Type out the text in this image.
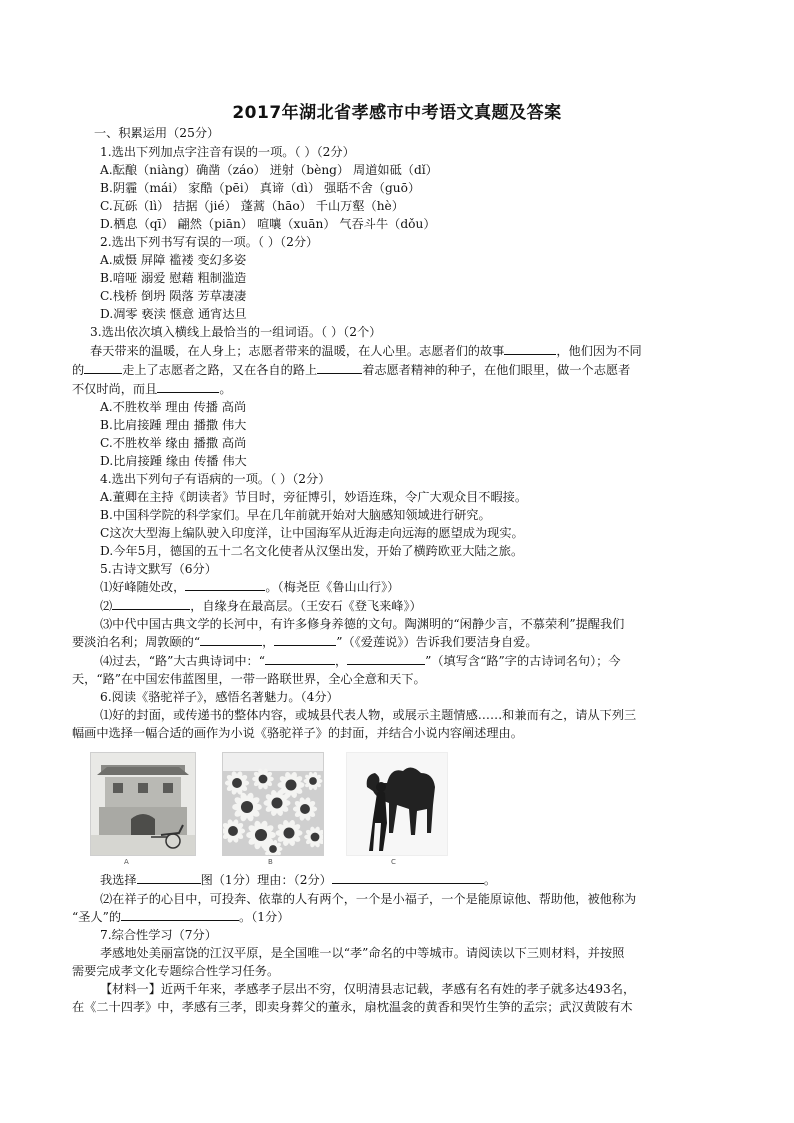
2017年湖北省孝感市中考语文真题及答案
一、积累运用（25分）
1.选出下列加点字注音有误的一项。（ ）（2分）
A.酝酿（niàng）确凿（záo） 迸射（bèng） 周道如砥（dǐ）
B.阴霾（mái） 家酷（pēi） 真谛（dì） 强聒不舍（guō）
C.瓦砾（lì） 拮据（jié） 蓬蒿（hāo） 千山万壑（hè）
D.栖息（qī） 翩然（piān） 喧嚷（xuān） 气吞斗牛（dǒu）
2.选出下列书写有误的一项。（ ）（2分）
A.威慑 屏障 褴褛 变幻多姿
B.喑哑 溺爱 慰藉 粗制滥造
C.栈桥 倒坍 陨落 芳草凄凄
D.凋零 亵渎 惬意 通宵达旦
3.选出依次填入横线上最恰当的一组词语。（ ）（2个）
春天带来的温暖，在人身上；志愿者带来的温暖，在人心里。志愿者们的故事	，他们因为不同
的	走上了志愿者之路，又在各自的路上	着志愿者精神的种子，在他们眼里，做一个志愿者
不仅时尚，而且	。
A.不胜枚举 理由 传播 高尚
B.比肩接踵 理由 播撒 伟大
C.不胜枚举 缘由 播撒 高尚
D.比肩接踵 缘由 传播 伟大
4.选出下列句子有语病的一项。（ ）（2分）
A.董卿在主持《朗读者》节目时，旁征博引，妙语连珠，令广大观众目不暇接。
B.中国科学院的科学家们。早在几年前就开始对大脑感知领域进行研究。
C这次大型海上编队驶入印度洋，让中国海军从近海走向远海的愿望成为现实。
D.今年5月，德国的五十二名文化使者从汉堡出发，开始了横跨欧亚大陆之旅。
5.古诗文默写（6分）
⑴好峰随处改，	。（梅尧臣《鲁山山行》）
⑵	，自缘身在最高层。（王安石《登飞来峰》）
⑶中代中国古典文学的长河中，有许多修身养德的文句。陶渊明的“闲静少言，不慕荣利”提醒我们
要淡泊名利；周敦颐的“	，	”（《爱莲说》）告诉我们要洁身自爱。
⑷过去，“路”大古典诗词中：“	，	”（填写含“路”字的古诗词名句）；今
天，“路”在中国宏伟蓝图里，一带一路联世界，全心全意和天下。
6.阅读《骆驼祥子》，感悟名著魅力。（4分）
⑴好的封面，或传递书的整体内容，或城县代表人物，或展示主题情感……和兼而有之，请从下列三
幅画中选择一幅合适的画作为小说《骆驼祥子》的封面，并结合小说内容阐述理由。
A	B	C
我选择	图（1分）理由：（2分）	。
⑵在祥子的心目中，可投奔、依靠的人有两个，一个是小福子，一个是能原谅他、帮助他，被他称为
“圣人”的	。（1分）
7.综合性学习（7分）
孝感地处美丽富饶的江汉平原，是全国唯一以“孝”命名的中等城市。请阅读以下三则材料，并按照
需要完成孝文化专题综合性学习任务。
【材料一】近两千年来，孝感孝子层出不穷，仅明清县志记载，孝感有名有姓的孝子就多达493名，
在《二十四孝》中，孝感有三孝，即卖身葬父的董永，扇枕温衾的黄香和哭竹生笋的孟宗；武汉黄陂有木
